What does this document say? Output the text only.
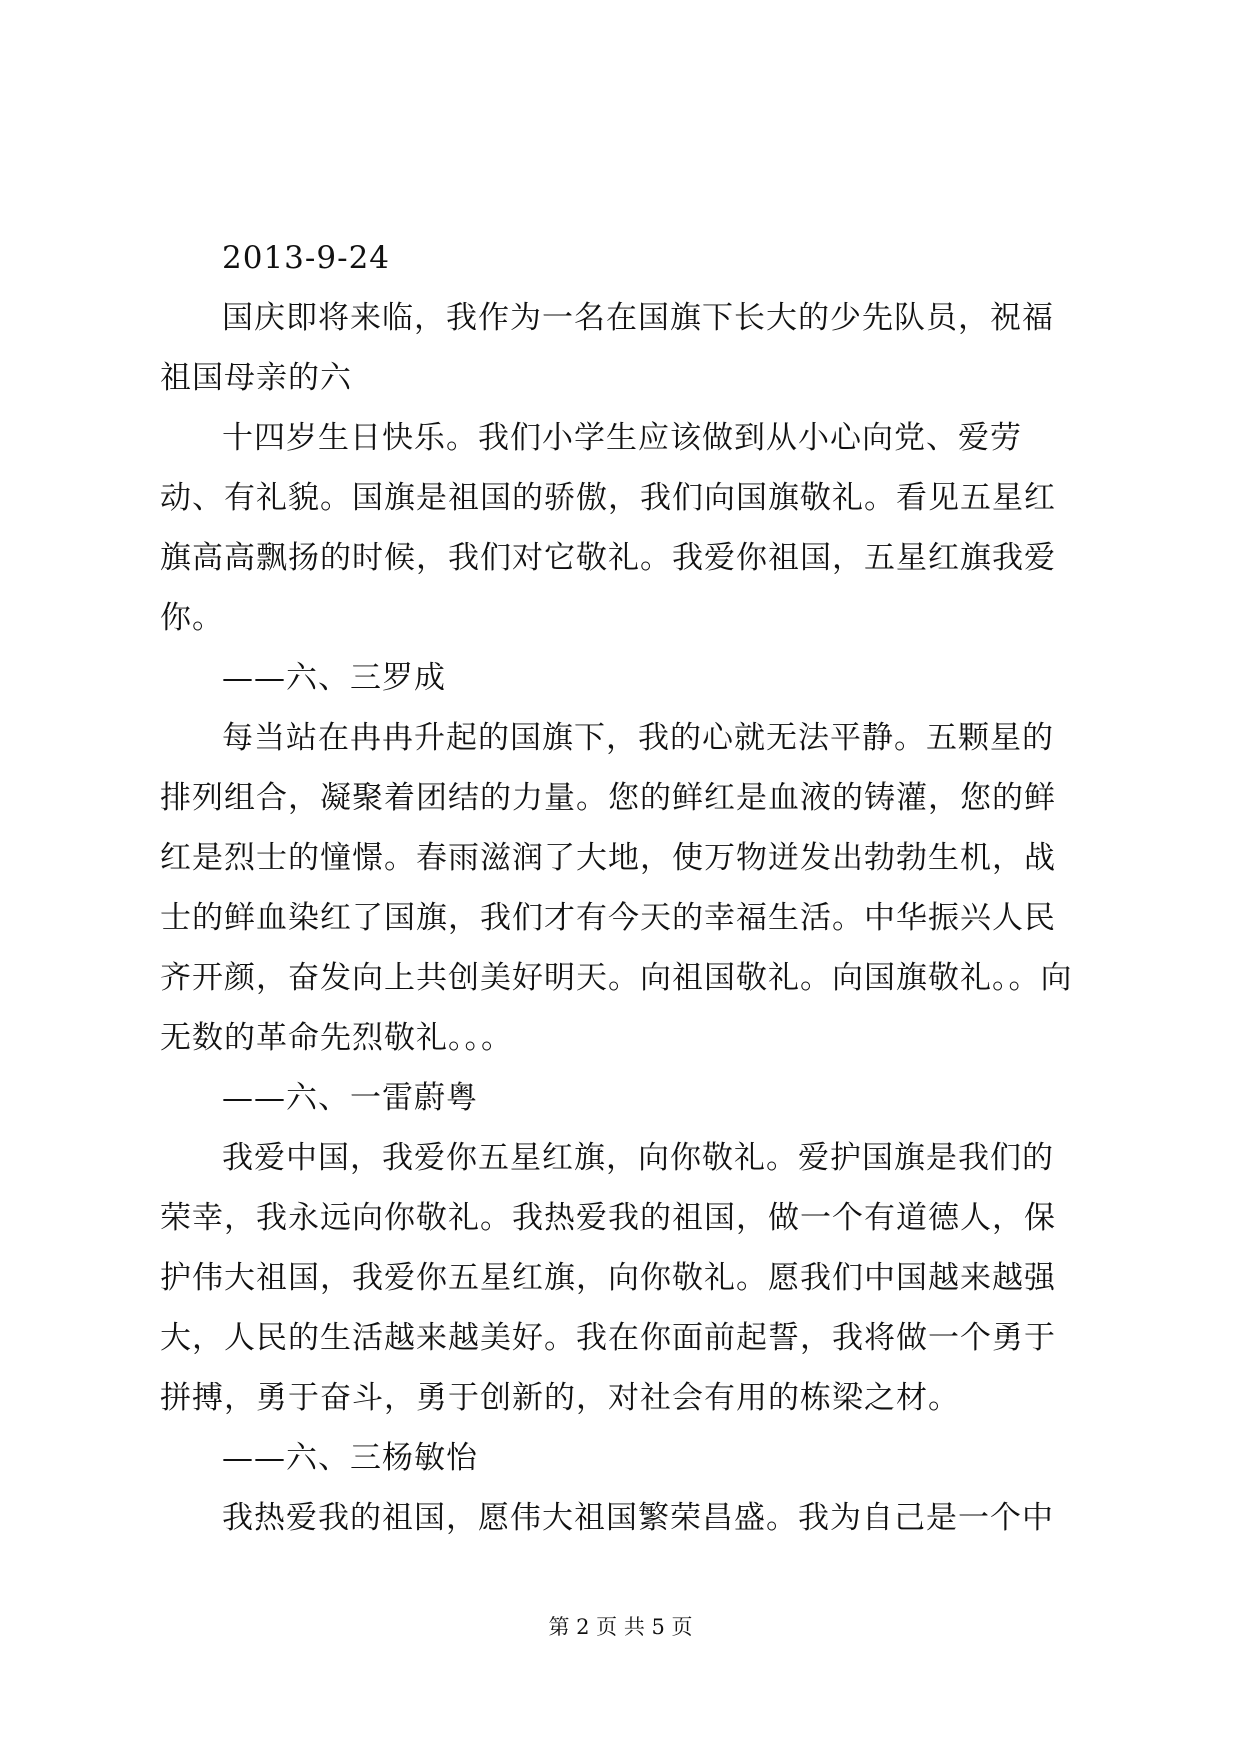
2013-9-24

国庆即将来临，我作为一名在国旗下长大的少先队员，祝福祖国母亲的六

十四岁生日快乐。我们小学生应该做到从小心向党、爱劳动、有礼貌。国旗是祖国的骄傲，我们向国旗敬礼。看见五星红旗高高飘扬的时候，我们对它敬礼。我爱你祖国，五星红旗我爱你。

——六、三罗成

每当站在冉冉升起的国旗下，我的心就无法平静。五颗星的排列组合，凝聚着团结的力量。您的鲜红是血液的铸灌，您的鲜红是烈士的憧憬。春雨滋润了大地，使万物迸发出勃勃生机，战士的鲜血染红了国旗，我们才有今天的幸福生活。中华振兴人民齐开颜，奋发向上共创美好明天。向祖国敬礼。向国旗敬礼。。向无数的革命先烈敬礼。。。

——六、一雷蔚粤

我爱中国，我爱你五星红旗，向你敬礼。爱护国旗是我们的荣幸，我永远向你敬礼。我热爱我的祖国，做一个有道德人，保护伟大祖国，我爱你五星红旗，向你敬礼。愿我们中国越来越强大，人民的生活越来越美好。我在你面前起誓，我将做一个勇于拼搏，勇于奋斗，勇于创新的，对社会有用的栋梁之材。

——六、三杨敏怡

我热爱我的祖国，愿伟大祖国繁荣昌盛。我为自己是一个中

第 2 页 共 5 页
